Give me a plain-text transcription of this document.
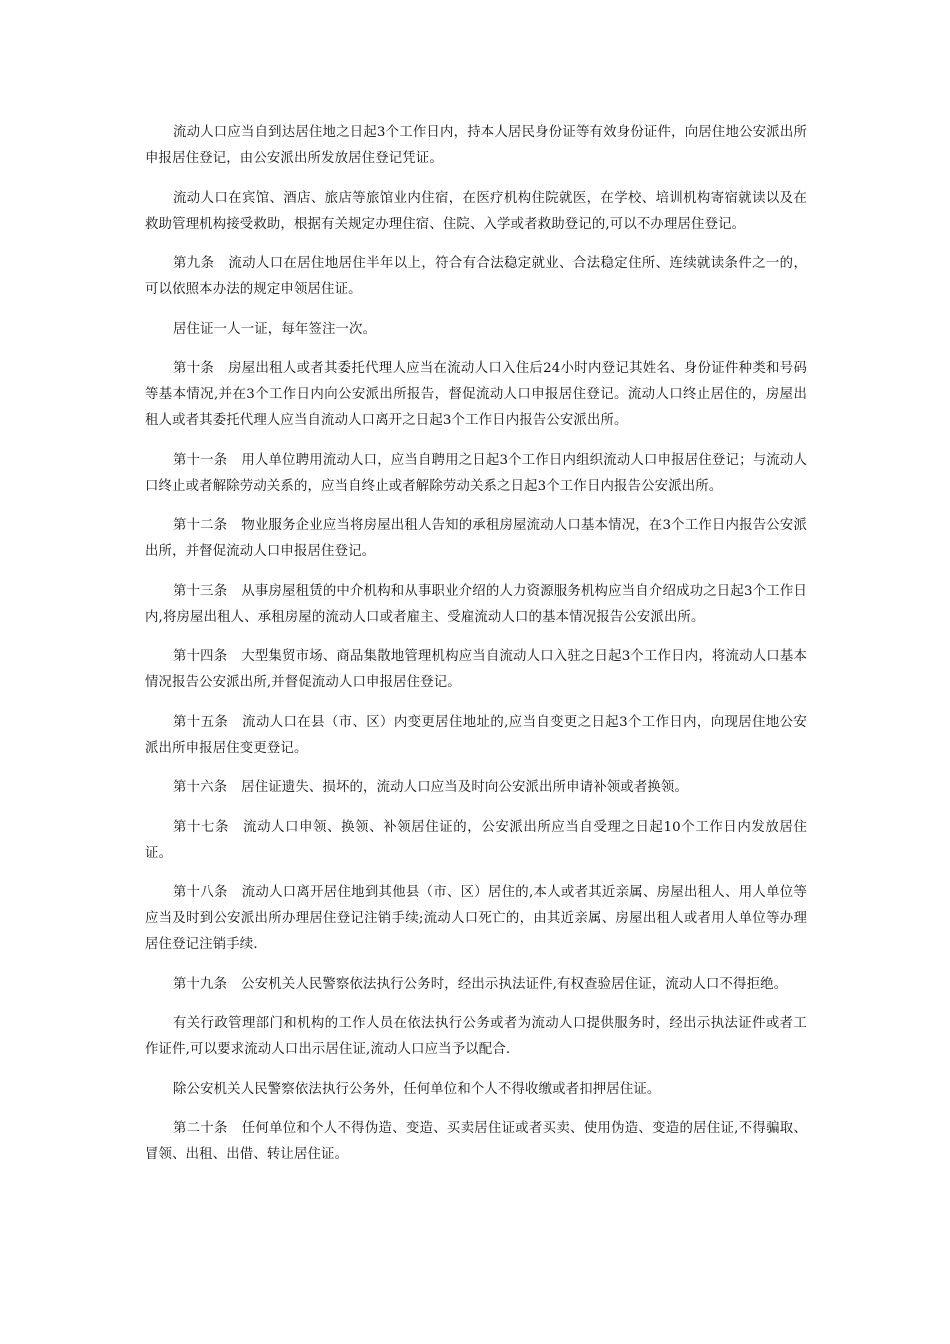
流动人口应当自到达居住地之日起3个工作日内，持本人居民身份证等有效身份证件，向居住地公安派出所申报居住登记，由公安派出所发放居住登记凭证。

流动人口在宾馆、酒店、旅店等旅馆业内住宿，在医疗机构住院就医，在学校、培训机构寄宿就读以及在救助管理机构接受救助，根据有关规定办理住宿、住院、入学或者救助登记的,可以不办理居住登记。

第九条 流动人口在居住地居住半年以上，符合有合法稳定就业、合法稳定住所、连续就读条件之一的，可以依照本办法的规定申领居住证。

居住证一人一证，每年签注一次。

第十条 房屋出租人或者其委托代理人应当在流动人口入住后24小时内登记其姓名、身份证件种类和号码等基本情况,并在3个工作日内向公安派出所报告，督促流动人口申报居住登记。流动人口终止居住的，房屋出租人或者其委托代理人应当自流动人口离开之日起3个工作日内报告公安派出所。

第十一条 用人单位聘用流动人口，应当自聘用之日起3个工作日内组织流动人口申报居住登记；与流动人口终止或者解除劳动关系的，应当自终止或者解除劳动关系之日起3个工作日内报告公安派出所。

第十二条 物业服务企业应当将房屋出租人告知的承租房屋流动人口基本情况，在3个工作日内报告公安派出所，并督促流动人口申报居住登记。

第十三条 从事房屋租赁的中介机构和从事职业介绍的人力资源服务机构应当自介绍成功之日起3个工作日内,将房屋出租人、承租房屋的流动人口或者雇主、受雇流动人口的基本情况报告公安派出所。

第十四条 大型集贸市场、商品集散地管理机构应当自流动人口入驻之日起3个工作日内，将流动人口基本情况报告公安派出所,并督促流动人口申报居住登记。

第十五条 流动人口在县（市、区）内变更居住地址的,应当自变更之日起3个工作日内，向现居住地公安派出所申报居住变更登记。

第十六条 居住证遗失、损坏的，流动人口应当及时向公安派出所申请补领或者换领。

第十七条 流动人口申领、换领、补领居住证的，公安派出所应当自受理之日起10个工作日内发放居住证。

第十八条 流动人口离开居住地到其他县（市、区）居住的,本人或者其近亲属、房屋出租人、用人单位等应当及时到公安派出所办理居住登记注销手续;流动人口死亡的，由其近亲属、房屋出租人或者用人单位等办理居住登记注销手续.

第十九条 公安机关人民警察依法执行公务时，经出示执法证件,有权查验居住证，流动人口不得拒绝。

有关行政管理部门和机构的工作人员在依法执行公务或者为流动人口提供服务时，经出示执法证件或者工作证件,可以要求流动人口出示居住证,流动人口应当予以配合.

除公安机关人民警察依法执行公务外，任何单位和个人不得收缴或者扣押居住证。

第二十条 任何单位和个人不得伪造、变造、买卖居住证或者买卖、使用伪造、变造的居住证,不得骗取、冒领、出租、出借、转让居住证。
